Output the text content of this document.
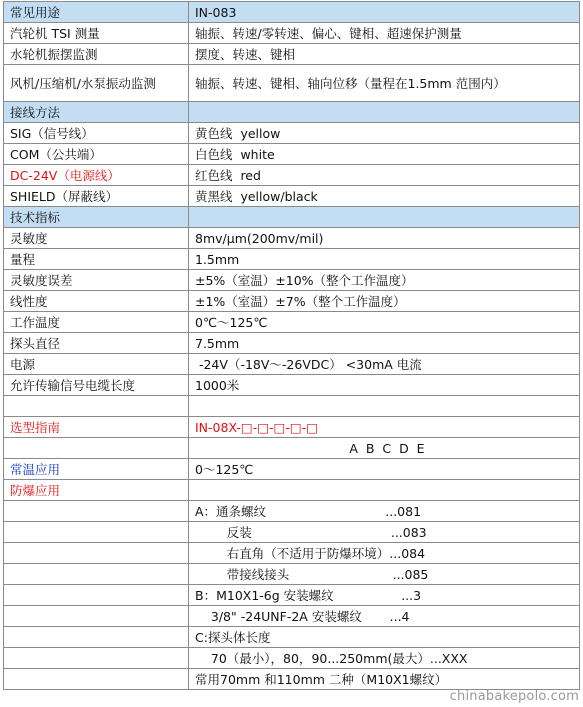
常见用途	IN-083
汽轮机 TSI 测量	轴振、转速/零转速、偏心、键相、超速保护测量
水轮机振摆监测	摆度、转速、键相
风机/压缩机/水泵振动监测	轴振、转速、键相、轴向位移（量程在1.5mm 范围内）
接线方法	
SIG（信号线）	黄色线  yellow
COM（公共端）	白色线  white
DC-24V（电源线）	红色线  red
SHIELD（屏蔽线）	黄黑线  yellow/black
技术指标	
灵敏度	8mv/μm(200mv/mil)
量程	1.5mm
灵敏度误差	±5%（室温）±10%（整个工作温度）
线性度	±1%（室温）±7%（整个工作温度）
工作温度	0℃～125℃
探头直径	7.5mm
电源	-24V（-18V～-26VDC） <30mA 电流
允许传输信号电缆长度	1000米

选型指南	IN-08X-□-□-□-□-□
	A  B  C  D  E
常温应用	0～125℃
防爆应用	
	A：通条螺纹                              ...081
	反装                                   ...083
	右直角（不适用于防爆环境）...084
	带接线接头                          ...085
	B：M10X1-6g 安装螺纹                 ...3
	3/8" -24UNF-2A 安装螺纹       ...4
	C:探头体长度
	70（最小），80，90...250mm(最大）...XXX
	常用70mm 和110mm 二种（M10X1螺纹）
chinabakepolo.com
